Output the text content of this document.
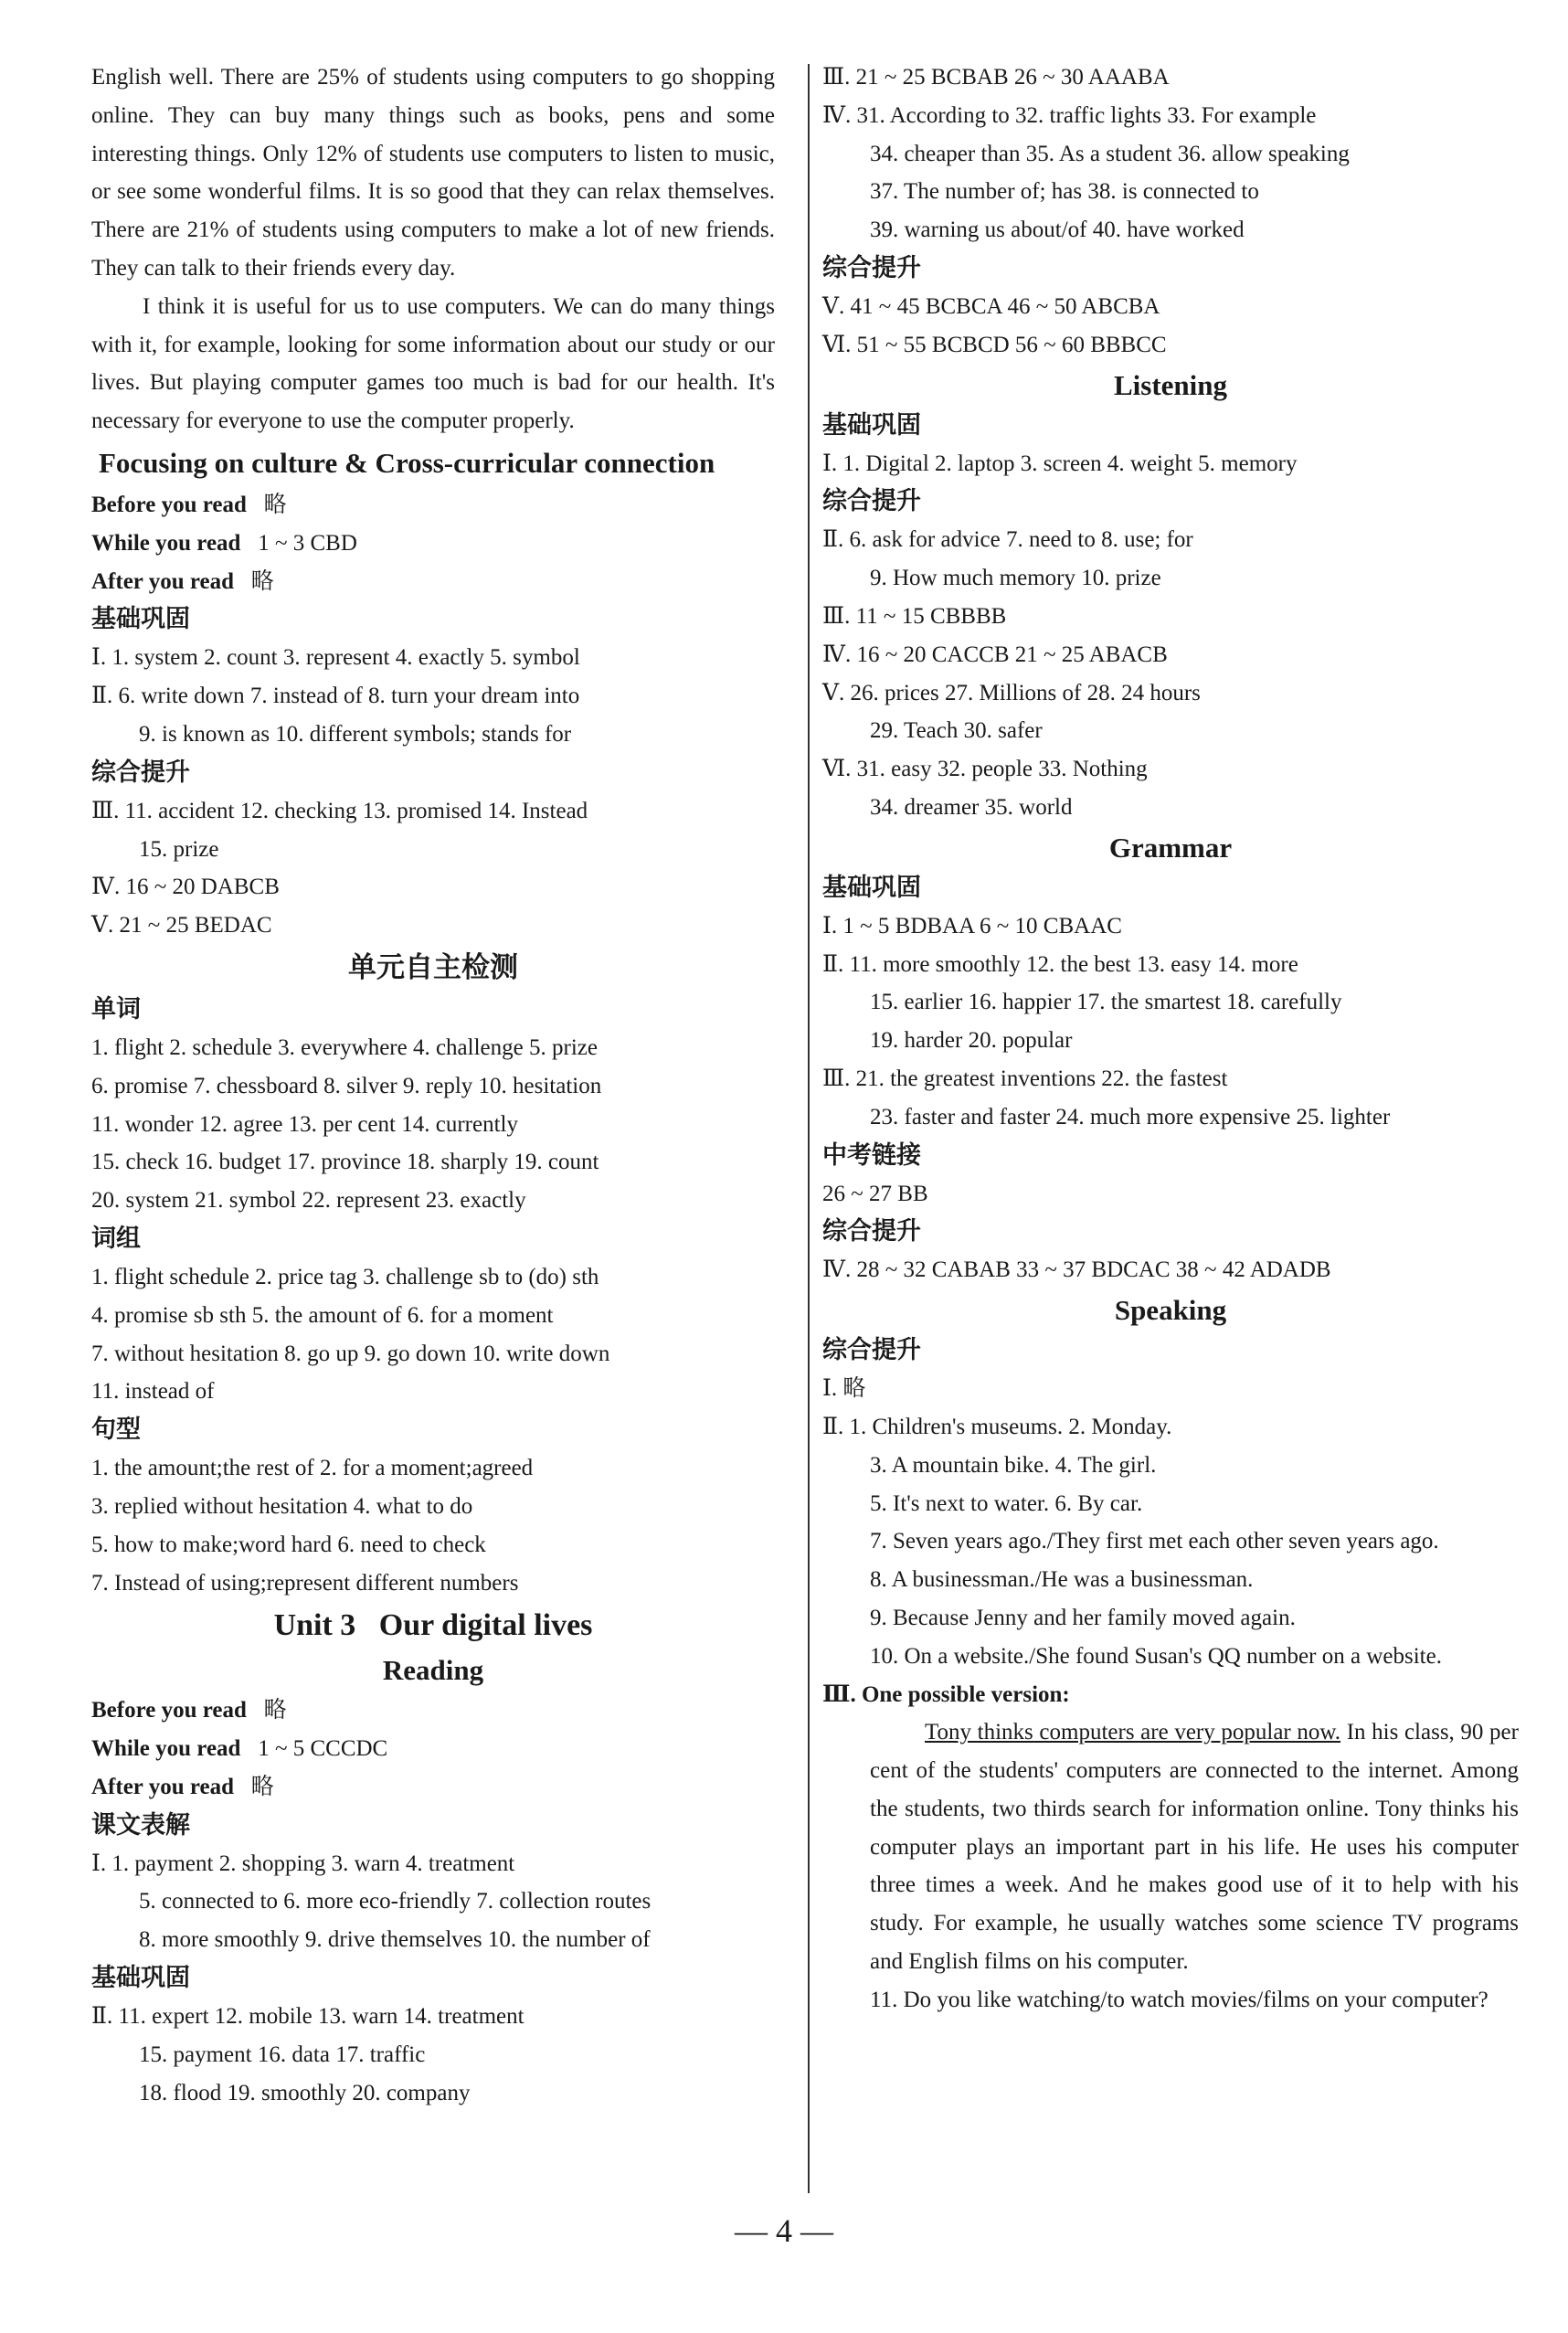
English well. There are 25% of students using computers to go shopping online. They can buy many things such as books, pens and some interesting things. Only 12% of students use computers to listen to music, or see some wonderful films. It is so good that they can relax themselves. There are 21% of students using computers to make a lot of new friends. They can talk to their friends every day.

I think it is useful for us to use computers. We can do many things with it, for example, looking for some information about our study or our lives. But playing computer games too much is bad for our health. It's necessary for everyone to use the computer properly.

Focusing on culture & Cross-curricular connection
Before you read 略
While you read 1 ~ 3 CBD
After you read 略
基础巩固
Ⅰ. 1. system 2. count 3. represent 4. exactly 5. symbol
Ⅱ. 6. write down 7. instead of 8. turn your dream into
9. is known as 10. different symbols; stands for
综合提升
Ⅲ. 11. accident 12. checking 13. promised 14. Instead
15. prize
Ⅳ. 16 ~ 20 DABCB
Ⅴ. 21 ~ 25 BEDAC
单元自主检测
单词
1. flight 2. schedule 3. everywhere 4. challenge 5. prize
6. promise 7. chessboard 8. silver 9. reply 10. hesitation
11. wonder 12. agree 13. per cent 14. currently
15. check 16. budget 17. province 18. sharply 19. count
20. system 21. symbol 22. represent 23. exactly
词组
1. flight schedule 2. price tag 3. challenge sb to (do) sth
4. promise sb sth 5. the amount of 6. for a moment
7. without hesitation 8. go up 9. go down 10. write down
11. instead of
句型
1. the amount;the rest of 2. for a moment;agreed
3. replied without hesitation 4. what to do
5. how to make;word hard 6. need to check
7. Instead of using;represent different numbers
Unit 3   Our digital lives
Reading
Before you read 略
While you read 1 ~ 5 CCCDC
After you read 略
课文表解
Ⅰ. 1. payment 2. shopping 3. warn 4. treatment
5. connected to 6. more eco-friendly 7. collection routes
8. more smoothly 9. drive themselves 10. the number of
基础巩固
Ⅱ. 11. expert 12. mobile 13. warn 14. treatment
15. payment 16. data 17. traffic
18. flood 19. smoothly 20. company
Ⅲ. 21 ~ 25 BCBAB 26 ~ 30 AAABA
Ⅳ. 31. According to 32. traffic lights 33. For example
34. cheaper than 35. As a student 36. allow speaking
37. The number of; has 38. is connected to
39. warning us about/of 40. have worked
综合提升
Ⅴ. 41 ~ 45 BCBCA 46 ~ 50 ABCBA
Ⅵ. 51 ~ 55 BCBCD 56 ~ 60 BBBCC
Listening
基础巩固
Ⅰ. 1. Digital 2. laptop 3. screen 4. weight 5. memory
综合提升
Ⅱ. 6. ask for advice 7. need to 8. use; for
9. How much memory 10. prize
Ⅲ. 11 ~ 15 CBBBB
Ⅳ. 16 ~ 20 CACCB 21 ~ 25 ABACB
Ⅴ. 26. prices 27. Millions of 28. 24 hours
29. Teach 30. safer
Ⅵ. 31. easy 32. people 33. Nothing
34. dreamer 35. world
Grammar
基础巩固
Ⅰ. 1 ~ 5 BDBAA 6 ~ 10 CBAAC
Ⅱ. 11. more smoothly 12. the best 13. easy 14. more
15. earlier 16. happier 17. the smartest 18. carefully
19. harder 20. popular
Ⅲ. 21. the greatest inventions 22. the fastest
23. faster and faster 24. much more expensive 25. lighter
中考链接
26 ~ 27 BB
综合提升
Ⅳ. 28 ~ 32 CABAB 33 ~ 37 BDCAC 38 ~ 42 ADADB
Speaking
综合提升
Ⅰ. 略
Ⅱ. 1. Children's museums. 2. Monday.
3. A mountain bike. 4. The girl.
5. It's next to water. 6. By car.
7. Seven years ago./They first met each other seven years ago.
8. A businessman./He was a businessman.
9. Because Jenny and her family moved again.
10. On a website./She found Susan's QQ number on a website.
Ⅲ. One possible version:

Tony thinks computers are very popular now. In his class, 90 per cent of the students' computers are connected to the internet. Among the students, two thirds search for information online. Tony thinks his computer plays an important part in his life. He uses his computer three times a week. And he makes good use of it to help with his study. For example, he usually watches some science TV programs and English films on his computer.

11. Do you like watching/to watch movies/films on your computer?
— 4 —
